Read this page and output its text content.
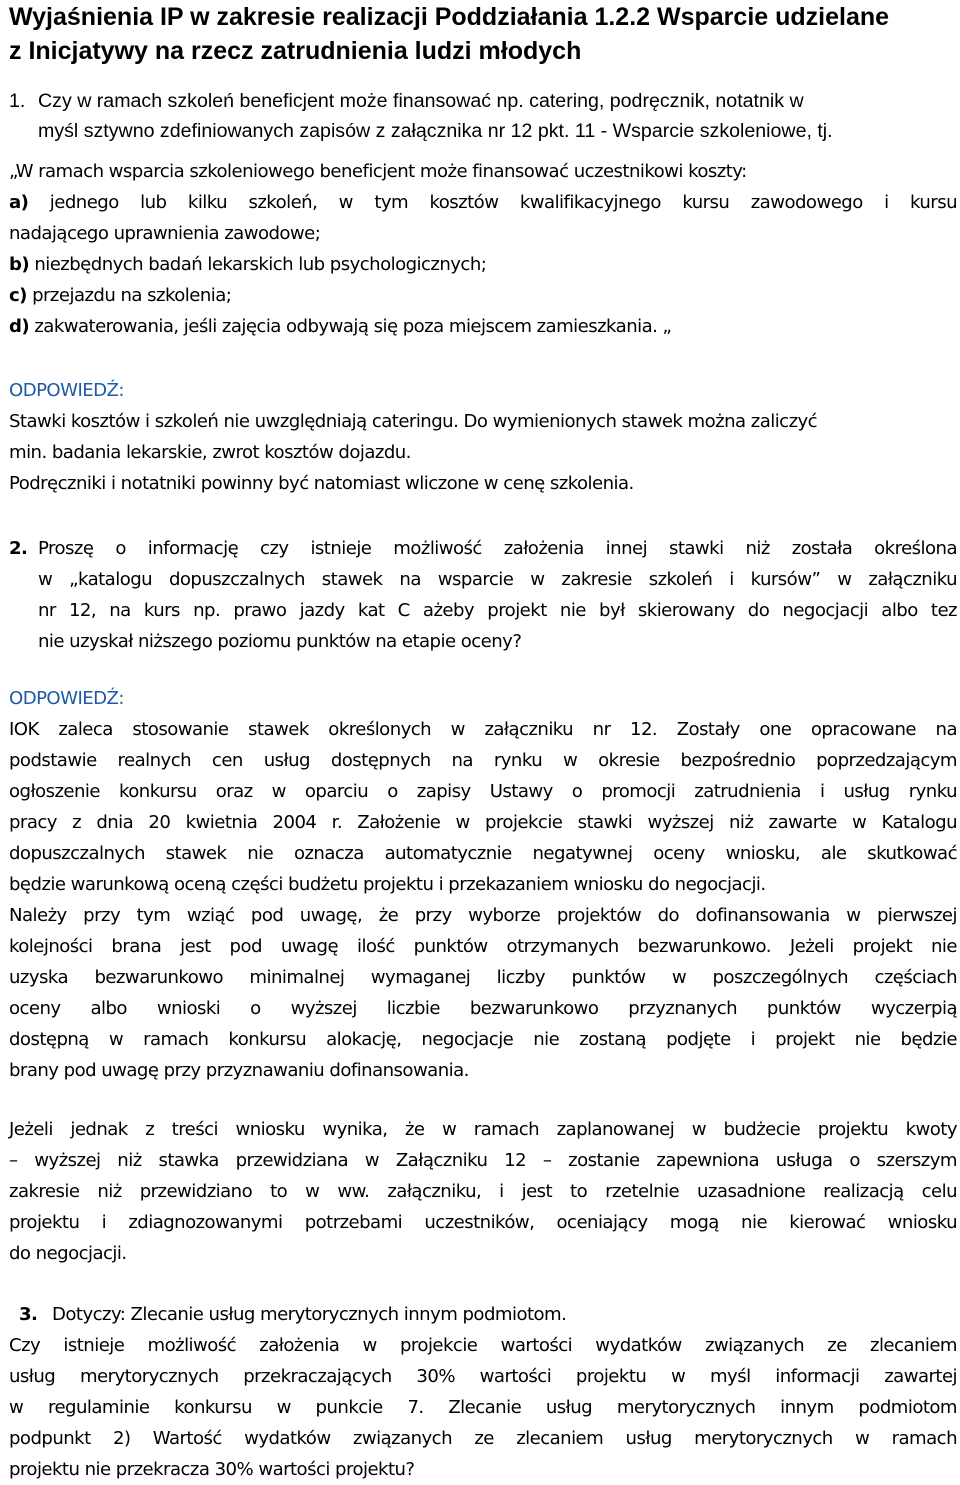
Wyjaśnienia IP w zakresie realizacji Poddziałania 1.2.2 Wsparcie udzielane
z Inicjatywy na rzecz zatrudnienia ludzi młodych
1. Czy w ramach szkoleń beneficjent może finansować np. catering, podręcznik, notatnik w
myśl sztywno zdefiniowanych zapisów z załącznika nr 12 pkt. 11 - Wsparcie szkoleniowe, tj.
„W ramach wsparcia szkoleniowego beneficjent może finansować uczestnikowi koszty:
a) jednego lub kilku szkoleń, w tym kosztów kwalifikacyjnego kursu zawodowego i kursu
nadającego uprawnienia zawodowe;
b) niezbędnych badań lekarskich lub psychologicznych;
c) przejazdu na szkolenia;
d) zakwaterowania, jeśli zajęcia odbywają się poza miejscem zamieszkania. „
ODPOWIEDŹ:
Stawki kosztów i szkoleń nie uwzględniają cateringu. Do wymienionych stawek można zaliczyć
min. badania lekarskie, zwrot kosztów dojazdu.
Podręczniki i notatniki powinny być natomiast wliczone w cenę szkolenia.
2. Proszę o informację czy istnieje możliwość założenia innej stawki niż została określona
w „katalogu dopuszczalnych stawek na wsparcie w zakresie szkoleń i kursów” w załączniku
nr 12, na kurs np. prawo jazdy kat C ażeby projekt nie był skierowany do negocjacji albo tez
nie uzyskał niższego poziomu punktów na etapie oceny?
ODPOWIEDŹ:
IOK zaleca stosowanie stawek określonych w załączniku nr 12. Zostały one opracowane na
podstawie realnych cen usług dostępnych na rynku w okresie bezpośrednio poprzedzającym
ogłoszenie konkursu oraz w oparciu o zapisy Ustawy o promocji zatrudnienia i usług rynku
pracy z dnia 20 kwietnia 2004 r. Założenie w projekcie stawki wyższej niż zawarte w Katalogu
dopuszczalnych stawek nie oznacza automatycznie negatywnej oceny wniosku, ale skutkować
będzie warunkową oceną części budżetu projektu i przekazaniem wniosku do negocjacji.
Należy przy tym wziąć pod uwagę, że przy wyborze projektów do dofinansowania w pierwszej
kolejności brana jest pod uwagę ilość punktów otrzymanych bezwarunkowo. Jeżeli projekt nie
uzyska bezwarunkowo minimalnej wymaganej liczby punktów w poszczególnych częściach
oceny albo wnioski o wyższej liczbie bezwarunkowo przyznanych punktów wyczerpią
dostępną w ramach konkursu alokację, negocjacje nie zostaną podjęte i projekt nie będzie
brany pod uwagę przy przyznawaniu dofinansowania.
Jeżeli jednak z treści wniosku wynika, że w ramach zaplanowanej w budżecie projektu kwoty
– wyższej niż stawka przewidziana w Załączniku 12 – zostanie zapewniona usługa o szerszym
zakresie niż przewidziano to w ww. załączniku, i jest to rzetelnie uzasadnione realizacją celu
projektu i zdiagnozowanymi potrzebami uczestników, oceniający mogą nie kierować wniosku
do negocjacji.
3. Dotyczy: Zlecanie usług merytorycznych innym podmiotom.
Czy istnieje możliwość założenia w projekcie wartości wydatków związanych ze zlecaniem
usług merytorycznych przekraczających 30% wartości projektu w myśl informacji zawartej
w regulaminie konkursu w punkcie 7. Zlecanie usług merytorycznych innym podmiotom
podpunkt 2) Wartość wydatków związanych ze zlecaniem usług merytorycznych w ramach
projektu nie przekracza 30% wartości projektu?
